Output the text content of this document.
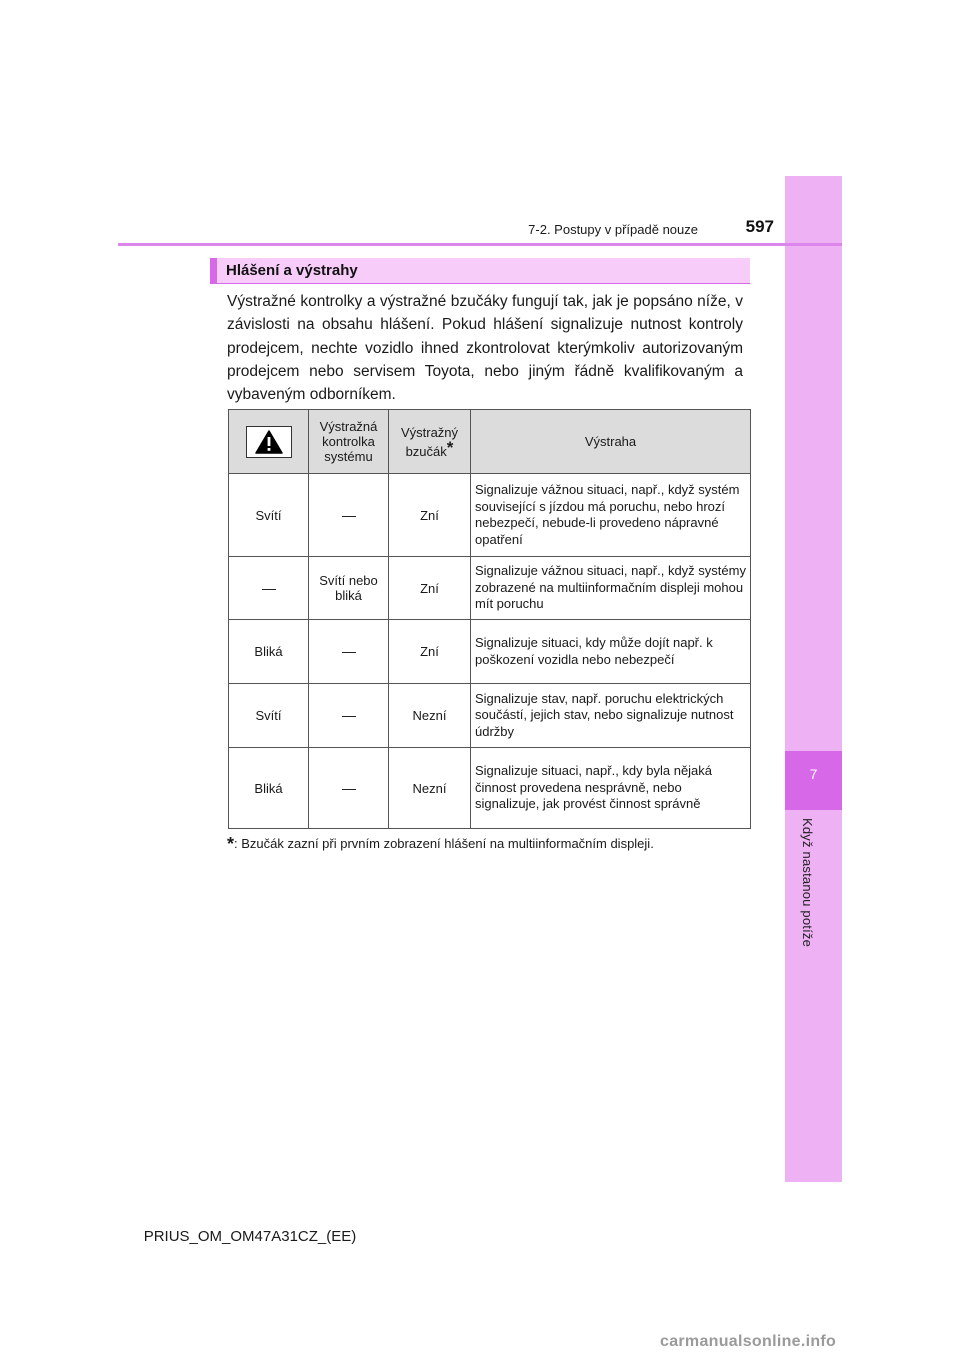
7
Když nastanou potíže
7-2. Postupy v případě nouze	597
Hlášení a výstrahy
Výstražné kontrolky a výstražné bzučáky fungují tak, jak je popsáno níže, v závislosti na obsahu hlášení. Pokud hlášení signalizuje nutnost kontroly prodejcem, nechte vozidlo ihned zkontrolovat kterýmkoliv autorizovaným prodejcem nebo servisem Toyota, nebo jiným řádně kvalifikovaným a vybaveným odborníkem.
	Výstražná kontrolka systému	Výstražný bzučák*	Výstraha
Svítí		Zní	Signalizuje vážnou situaci, např., když systém související s jízdou má poruchu, nebo hrozí nebezpečí, nebude-li provedeno nápravné opatření
	Svítí nebo bliká	Zní	Signalizuje vážnou situaci, např., když systémy zobrazené na multiinformačním displeji mohou mít poruchu
Bliká		Zní	Signalizuje situaci, kdy může dojít např. k poškození vozidla nebo nebezpečí
Svítí		Nezní	Signalizuje stav, např. poruchu elektrických součástí, jejich stav, nebo signalizuje nutnost údržby
Bliká		Nezní	Signalizuje situaci, např., kdy byla nějaká činnost provedena nesprávně, nebo signalizuje, jak provést činnost správně
*: Bzučák zazní při prvním zobrazení hlášení na multiinformačním displeji.
PRIUS_OM_OM47A31CZ_(EE)
carmanualsonline.info
